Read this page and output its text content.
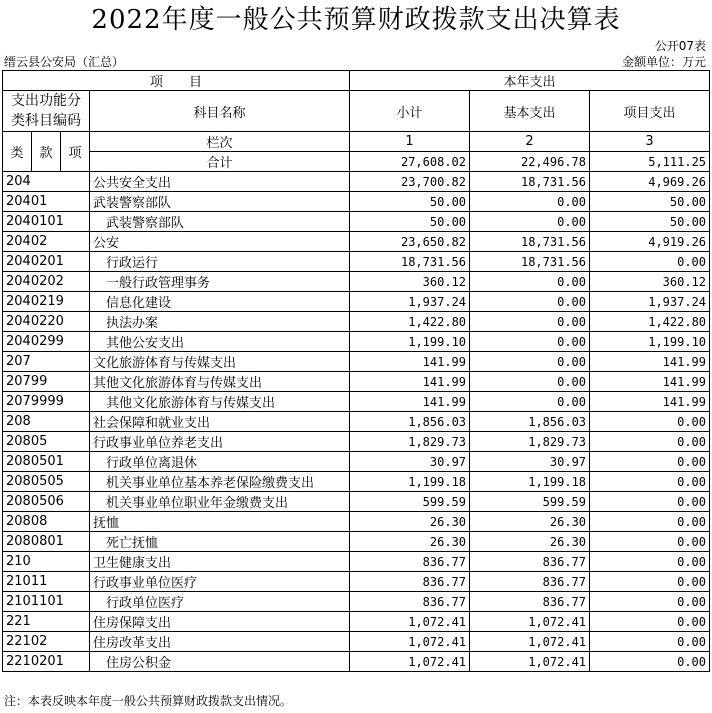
2022年度一般公共预算财政拨款支出决算表
公开07表
缙云县公安局（汇总）	金额单位：万元
项　　目				本年支出		
支出功能分类科目编码			科目名称	小计	基本支出	项目支出
类	款	项	栏次	1	2	3
			合计	27,608.02	22,496.78	5,111.25
204			公共安全支出	23,700.82	18,731.56	4,969.26
20401			武装警察部队	50.00	0.00	50.00
2040101			武装警察部队	50.00	0.00	50.00
20402			公安	23,650.82	18,731.56	4,919.26
2040201			行政运行	18,731.56	18,731.56	0.00
2040202			一般行政管理事务	360.12	0.00	360.12
2040219			信息化建设	1,937.24	0.00	1,937.24
2040220			执法办案	1,422.80	0.00	1,422.80
2040299			其他公安支出	1,199.10	0.00	1,199.10
207			文化旅游体育与传媒支出	141.99	0.00	141.99
20799			其他文化旅游体育与传媒支出	141.99	0.00	141.99
2079999			其他文化旅游体育与传媒支出	141.99	0.00	141.99
208			社会保障和就业支出	1,856.03	1,856.03	0.00
20805			行政事业单位养老支出	1,829.73	1,829.73	0.00
2080501			行政单位离退休	30.97	30.97	0.00
2080505			机关事业单位基本养老保险缴费支出	1,199.18	1,199.18	0.00
2080506			机关事业单位职业年金缴费支出	599.59	599.59	0.00
20808			抚恤	26.30	26.30	0.00
2080801			死亡抚恤	26.30	26.30	0.00
210			卫生健康支出	836.77	836.77	0.00
21011			行政事业单位医疗	836.77	836.77	0.00
2101101			行政单位医疗	836.77	836.77	0.00
221			住房保障支出	1,072.41	1,072.41	0.00
22102			住房改革支出	1,072.41	1,072.41	0.00
2210201			住房公积金	1,072.41	1,072.41	0.00
注：本表反映本年度一般公共预算财政拨款支出情况。
